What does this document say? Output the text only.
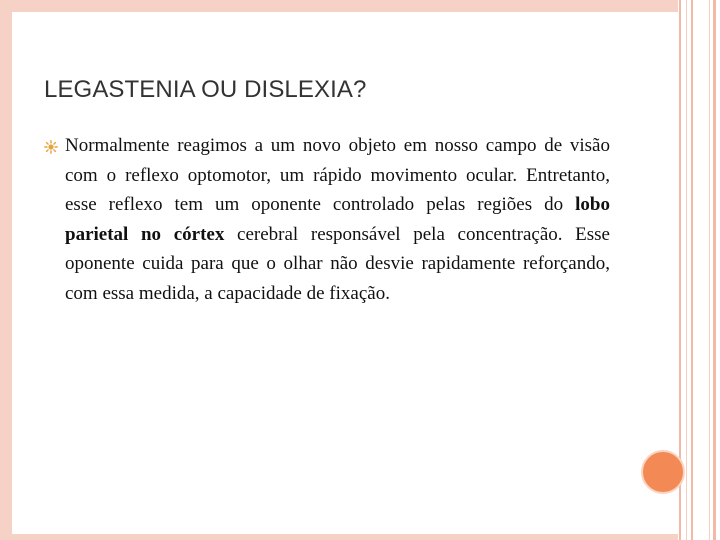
LEGASTENIA OU DISLEXIA?

Normalmente reagimos a um novo objeto em nosso campo de visão com o reflexo optomotor, um rápido movimento ocular. Entretanto, esse reflexo tem um oponente controlado pelas regiões do lobo parietal no córtex cerebral responsável pela concentração. Esse oponente cuida para que o olhar não desvie rapidamente reforçando, com essa medida, a capacidade de fixação.
